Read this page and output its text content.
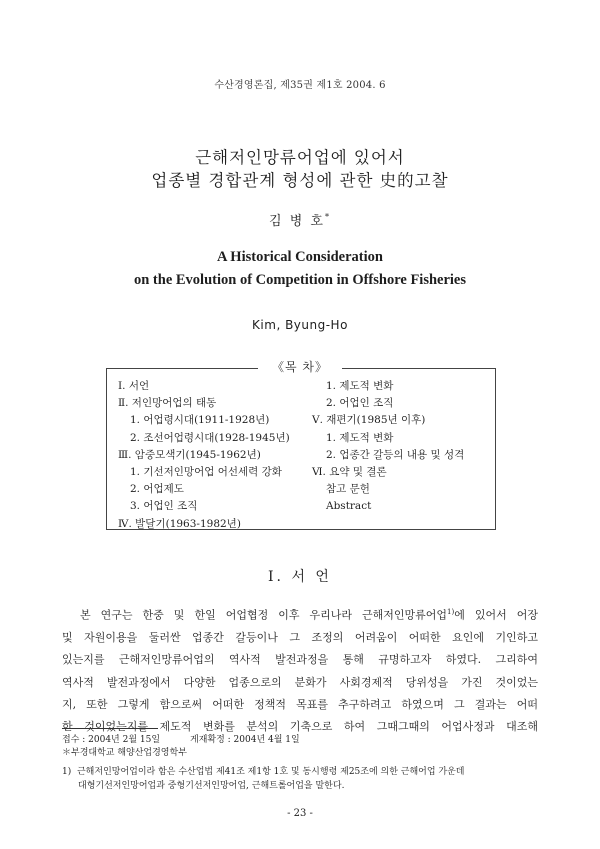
수산경영론집, 제35권 제1호 2004. 6
근해저인망류어업에 있어서
업종별 경합관계 형성에 관한 史的고찰
김 병 호*
A Historical Consideration
on the Evolution of Competition in Offshore Fisheries
Kim, Byung-Ho
《목 차》
Ⅰ. 서언
Ⅱ. 저인망어업의 태동
1. 어업령시대(1911-1928년)
2. 조선어업령시대(1928-1945년)
Ⅲ. 암중모색기(1945-1962년)
1. 기선저인망어업 어선세력 강화
2. 어업제도
3. 어업인 조직
Ⅳ. 발달기(1963-1982년)
1. 제도적 변화
2. 어업인 조직
Ⅴ. 재편기(1985년 이후)
1. 제도적 변화
2. 업종간 갈등의 내용 및 성격
Ⅵ. 요약 및 결론
참고 문헌
Abstract
Ⅰ. 서 언
본 연구는 한중 및 한일 어업협정 이후 우리나라 근해저인망류어업$^{1)}$에 있어서 어장
및 자원이용을 둘러싼 업종간 갈등이나 그 조정의 어려움이 어떠한 요인에 기인하고
있는지를 근해저인망류어업의 역사적 발전과정을 통해 규명하고자 하였다. 그리하여
역사적 발전과정에서 다양한 업종으로의 분화가 사회경제적 당위성을 가진 것이었는
지, 또한 그렇게 함으로써 어떠한 정책적 목표를 추구하려고 하였으며 그 결과는 어떠
한 것이었는지를 제도적 변화를 분석의 기축으로 하여 그때그때의 어업사정과 대조해
접수 : 2004년 2월 15일	게재확정 : 2004년 4월 1일
＊부경대학교 해양산업경영학부
1) 근해저인망어업이라 함은 수산업법 제41조 제1항 1호 및 동시행령 제25조에 의한 근해어업 가운데
대형기선저인망어업과 중형기선저인망어업, 근해트롤어업을 말한다.
- 23 -
